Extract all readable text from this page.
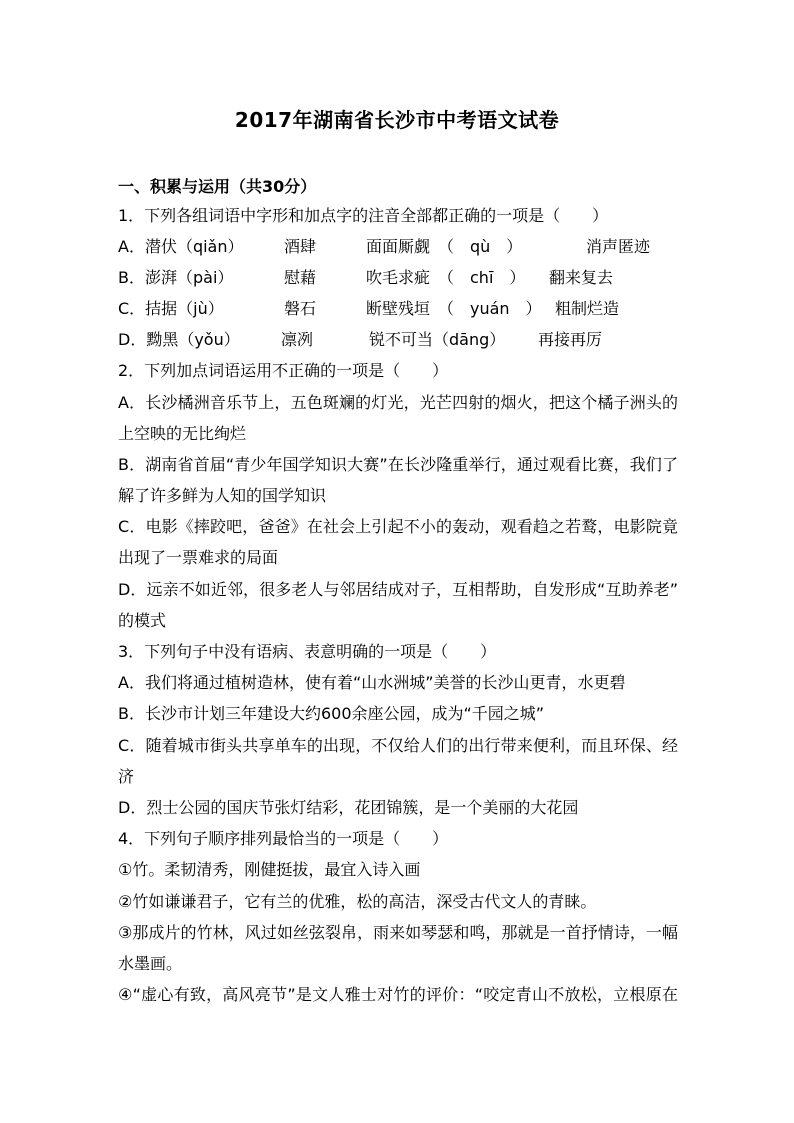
2017年湖南省长沙市中考语文试卷
一、积累与运用（共30分）
1．下列各组词语中字形和加点字的注音全部都正确的一项是（　　）
A．潜伏（qiǎn）	酒肆	面面厮觑　（　qù　）	消声匿迹
B．澎湃（pài）	慰藉	吹毛求疵　（　chī　） 翻来复去
C．拮据（jù）	磐石	断壁残垣　（　yuán　） 粗制烂造
D．黝黑（yǒu）	凛冽	锐不可当（dāng） 再接再厉
2．下列加点词语运用不正确的一项是（　　）
A．长沙橘洲音乐节上，五色斑斓的灯光，光芒四射的烟火，把这个橘子洲头的
上空映的无比绚烂
B．湖南省首届“青少年国学知识大赛”在长沙隆重举行，通过观看比赛，我们了
解了许多鲜为人知的国学知识
C．电影《摔跤吧，爸爸》在社会上引起不小的轰动，观看趋之若鹜，电影院竟
出现了一票难求的局面
D．远亲不如近邻，很多老人与邻居结成对子，互相帮助，自发形成“互助养老”
的模式
3．下列句子中没有语病、表意明确的一项是（　　）
A．我们将通过植树造林，使有着“山水洲城”美誉的长沙山更青，水更碧
B．长沙市计划三年建设大约600余座公园，成为“千园之城”
C．随着城市街头共享单车的出现，不仅给人们的出行带来便利，而且环保、经
济
D．烈士公园的国庆节张灯结彩，花团锦簇，是一个美丽的大花园
4．下列句子顺序排列最恰当的一项是（　　）
①竹。柔韧清秀，刚健挺拔，最宜入诗入画
②竹如谦谦君子，它有兰的优雅，松的高洁，深受古代文人的青睐。
③那成片的竹林，风过如丝弦裂帛，雨来如琴瑟和鸣，那就是一首抒情诗，一幅
水墨画。
④“虚心有致，高风亮节”是文人雅士对竹的评价：“咬定青山不放松，立根原在
